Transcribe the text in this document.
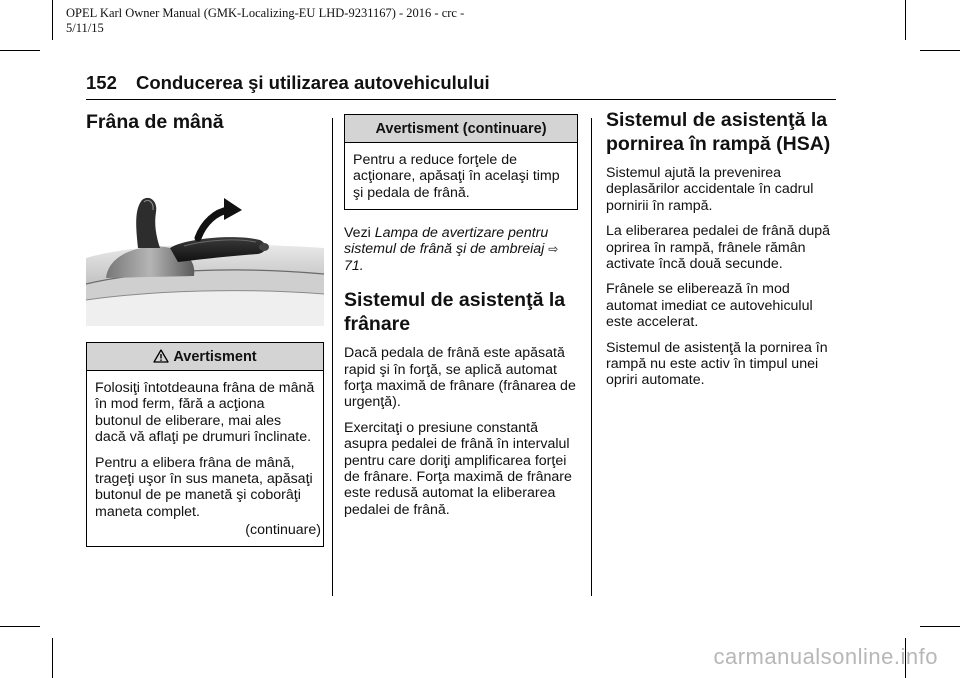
OPEL Karl Owner Manual (GMK-Localizing-EU LHD-9231167) - 2016 - crc -
5/11/15
152 Conducerea şi utilizarea autovehiculului
Frâna de mână
Avertisment

Folosiţi întotdeauna frâna de mână în mod ferm, fără a acţiona butonul de eliberare, mai ales dacă vă aflaţi pe drumuri înclinate.

Pentru a elibera frâna de mână, trageţi uşor în sus maneta, apăsaţi butonul de pe manetă şi coborâţi maneta complet.

(continuare)
Avertisment (continuare)

Pentru a reduce forţele de acţionare, apăsaţi în acelaşi timp şi pedala de frână.

Vezi Lampa de avertizare pentru sistemul de frână şi de ambreiaj ⇨ 71.

Sistemul de asistenţă la frânare

Dacă pedala de frână este apăsată rapid şi în forţă, se aplică automat forţa maximă de frânare (frânarea de urgenţă).

Exercitaţi o presiune constantă asupra pedalei de frână în intervalul pentru care doriţi amplificarea forţei de frânare. Forţa maximă de frânare este redusă automat la eliberarea pedalei de frână.

Sistemul de asistenţă la pornirea în rampă (HSA)

Sistemul ajută la prevenirea deplasărilor accidentale în cadrul pornirii în rampă.

La eliberarea pedalei de frână după oprirea în rampă, frânele rămân activate încă două secunde.

Frânele se eliberează în mod automat imediat ce autovehiculul este accelerat.

Sistemul de asistenţă la pornirea în rampă nu este activ în timpul unei opriri automate.

carmanualsonline.info
